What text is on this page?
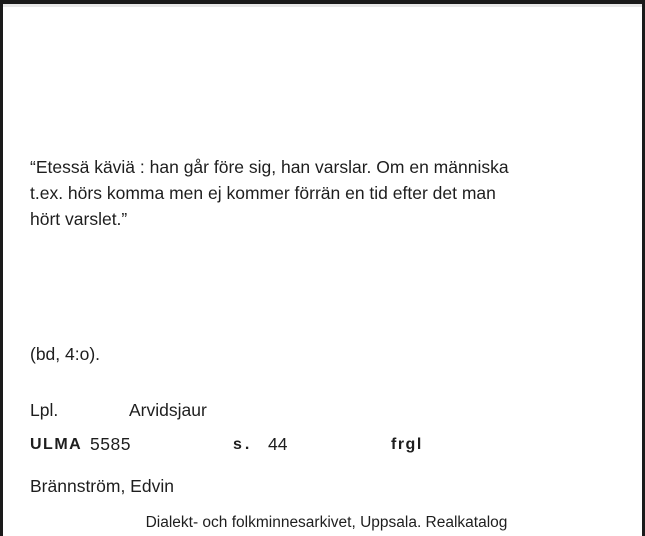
“Etessä käviä : han går före sig, han varslar. Om en människa
t.ex. hörs komma men ej kommer förrän en tid efter det man
hört varslet.”

(bd, 4:o).

Lpl.	Arvidsjaur
ULMA 5585	s. 44	frgl

Brännström, Edvin

Dialekt- och folkminnesarkivet, Uppsala. Realkatalog
